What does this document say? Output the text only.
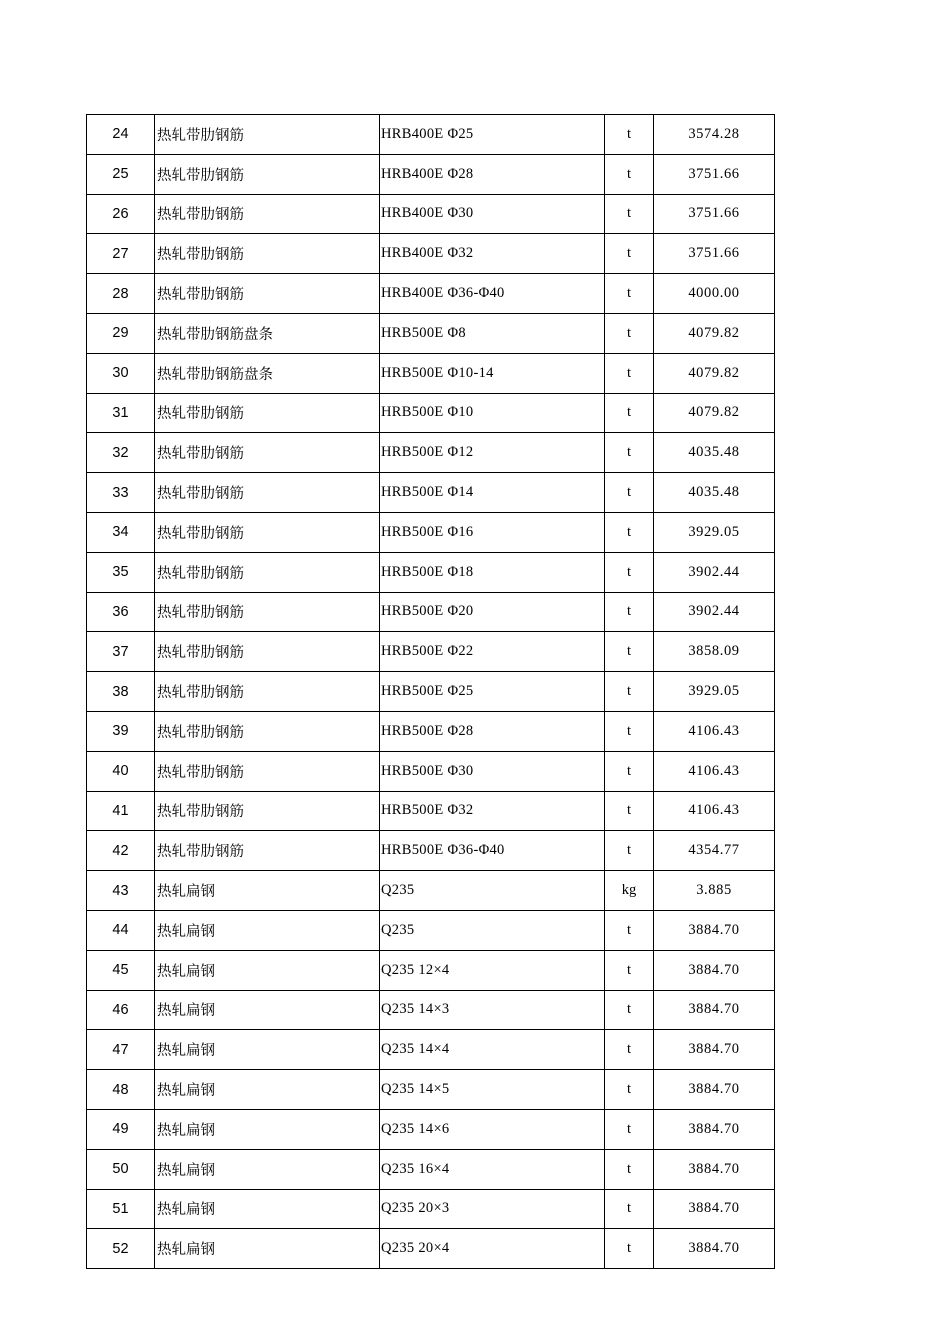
24	热轧带肋钢筋	HRB400E Φ25	t	3574.28
25	热轧带肋钢筋	HRB400E Φ28	t	3751.66
26	热轧带肋钢筋	HRB400E Φ30	t	3751.66
27	热轧带肋钢筋	HRB400E Φ32	t	3751.66
28	热轧带肋钢筋	HRB400E Φ36-Φ40	t	4000.00
29	热轧带肋钢筋盘条	HRB500E Φ8	t	4079.82
30	热轧带肋钢筋盘条	HRB500E Φ10-14	t	4079.82
31	热轧带肋钢筋	HRB500E Φ10	t	4079.82
32	热轧带肋钢筋	HRB500E Φ12	t	4035.48
33	热轧带肋钢筋	HRB500E Φ14	t	4035.48
34	热轧带肋钢筋	HRB500E Φ16	t	3929.05
35	热轧带肋钢筋	HRB500E Φ18	t	3902.44
36	热轧带肋钢筋	HRB500E Φ20	t	3902.44
37	热轧带肋钢筋	HRB500E Φ22	t	3858.09
38	热轧带肋钢筋	HRB500E Φ25	t	3929.05
39	热轧带肋钢筋	HRB500E Φ28	t	4106.43
40	热轧带肋钢筋	HRB500E Φ30	t	4106.43
41	热轧带肋钢筋	HRB500E Φ32	t	4106.43
42	热轧带肋钢筋	HRB500E Φ36-Φ40	t	4354.77
43	热轧扁钢	Q235	kg	3.885
44	热轧扁钢	Q235	t	3884.70
45	热轧扁钢	Q235 12×4	t	3884.70
46	热轧扁钢	Q235 14×3	t	3884.70
47	热轧扁钢	Q235 14×4	t	3884.70
48	热轧扁钢	Q235 14×5	t	3884.70
49	热轧扁钢	Q235 14×6	t	3884.70
50	热轧扁钢	Q235 16×4	t	3884.70
51	热轧扁钢	Q235 20×3	t	3884.70
52	热轧扁钢	Q235 20×4	t	3884.70
